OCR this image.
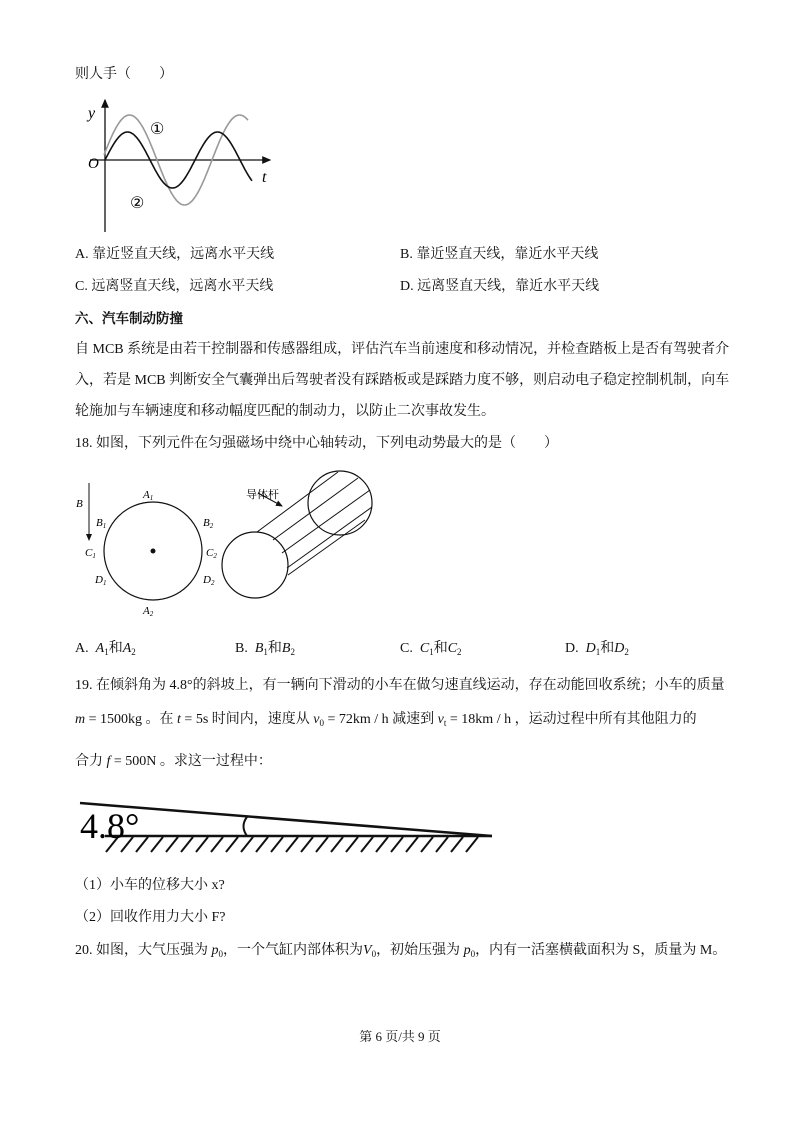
则人手（　　）
y
O
t
①
②
A. 靠近竖直天线，远离水平天线	B. 靠近竖直天线，靠近水平天线
C. 远离竖直天线，远离水平天线	D. 远离竖直天线，靠近水平天线
六、汽车制动防撞
自 MCB 系统是由若干控制器和传感器组成，评估汽车当前速度和移动情况，并检查踏板上是否有驾驶者介
入，若是 MCB 判断安全气囊弹出后驾驶者没有踩踏板或是踩踏力度不够，则启动电子稳定控制机制，向车
轮施加与车辆速度和移动幅度匹配的制动力，以防止二次事故发生。
18. 如图，下列元件在匀强磁场中绕中心轴转动，下列电动势最大的是（　　）
B
A1
A2
B1	B2
C1	C2
D1	D2
导体杆
A. $A_1$和$A_2$	B. $B_1$和$B_2$	C. $C_1$和$C_2$	D. $D_1$和$D_2$
19. 在倾斜角为 4.8°的斜坡上，有一辆向下滑动的小车在做匀速直线运动，存在动能回收系统；小车的质量
m = 1500kg 。在 t = 5s 时间内，速度从 $v_0 = 72km / h$ 减速到 $v_t = 18km / h$ ，运动过程中所有其他阻力的
合力 f = 500N 。求这一过程中：
4.8°
（1）小车的位移大小 x?
（2）回收作用力大小 F?
20. 如图，大气压强为 $p_0$，一个气缸内部体积为$V_0$，初始压强为 $p_0$，内有一活塞横截面积为 S，质量为 M。
第 6 页/共 9 页
